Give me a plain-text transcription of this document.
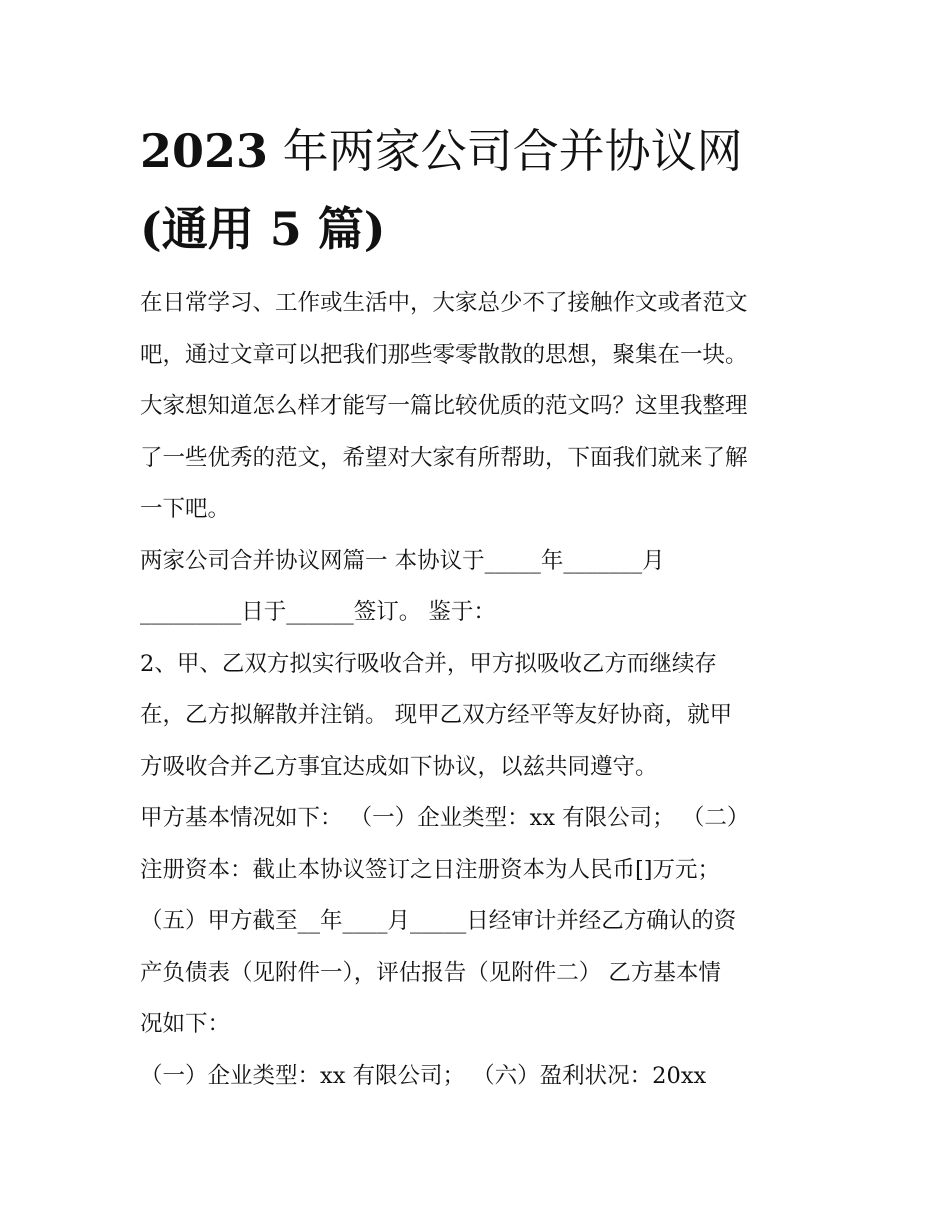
2023 年两家公司合并协议网
(通用 5 篇)
在日常学习、工作或生活中，大家总少不了接触作文或者范文
吧，通过文章可以把我们那些零零散散的思想，聚集在一块。
大家想知道怎么样才能写一篇比较优质的范文吗？这里我整理
了一些优秀的范文，希望对大家有所帮助，下面我们就来了解
一下吧。
两家公司合并协议网篇一 本协议于_____年_______月
_________日于______签订。 鉴于：
2、甲、乙双方拟实行吸收合并，甲方拟吸收乙方而继续存
在，乙方拟解散并注销。 现甲乙双方经平等友好协商，就甲
方吸收合并乙方事宜达成如下协议，以兹共同遵守。
甲方基本情况如下： （一）企业类型：xx 有限公司； （二）
注册资本：截止本协议签订之日注册资本为人民币[]万元；
（五）甲方截至__年____月_____日经审计并经乙方确认的资
产负债表（见附件一），评估报告（见附件二） 乙方基本情
况如下：
（一）企业类型：xx 有限公司； （六）盈利状况：20xx
